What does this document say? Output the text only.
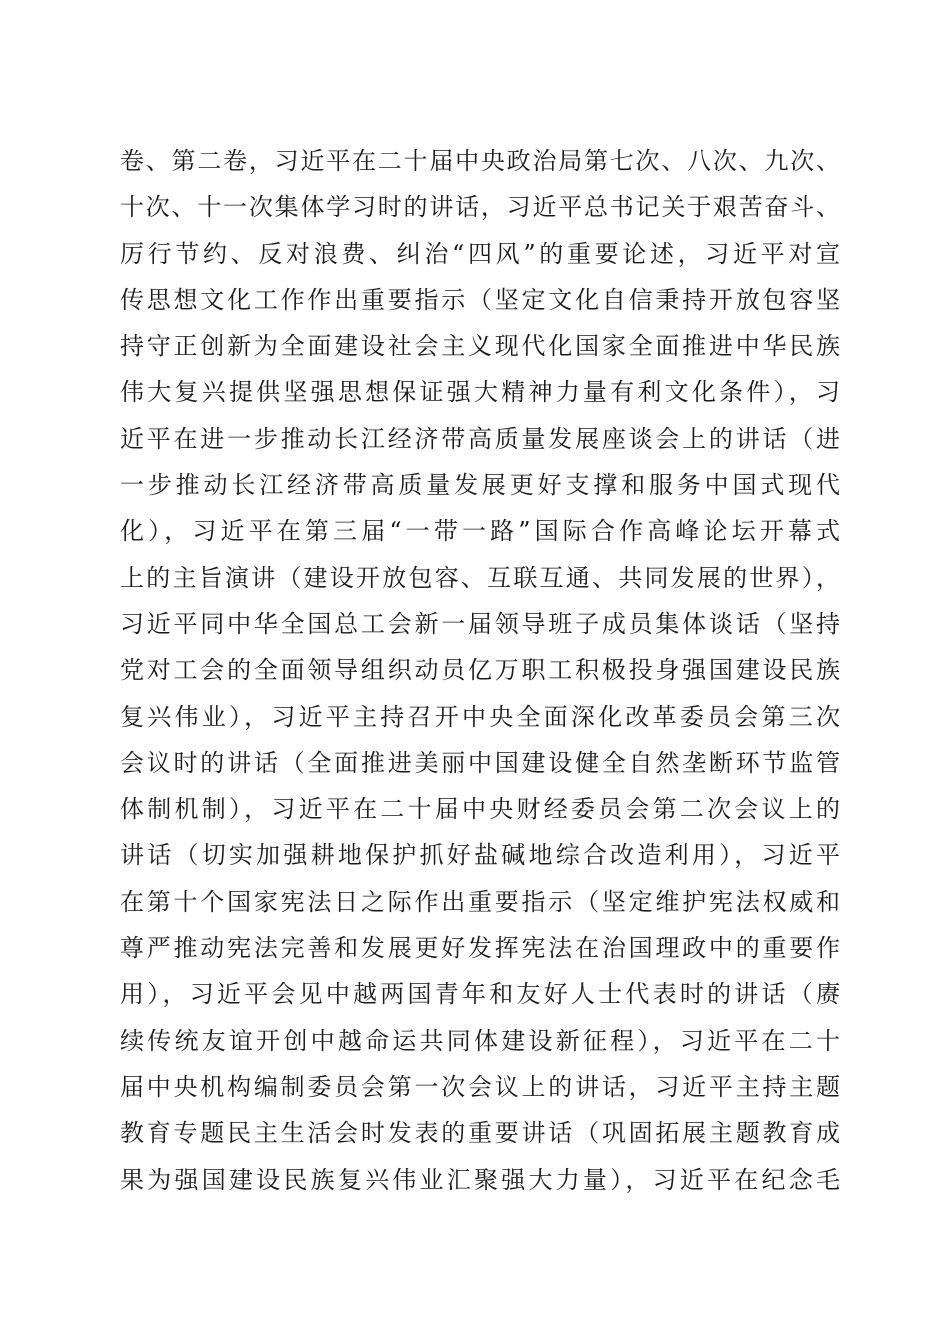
卷、第二卷，习近平在二十届中央政治局第七次、八次、九次、
十次、十一次集体学习时的讲话，习近平总书记关于艰苦奋斗、
厉行节约、反对浪费、纠治“四风”的重要论述，习近平对宣
传思想文化工作作出重要指示（坚定文化自信秉持开放包容坚
持守正创新为全面建设社会主义现代化国家全面推进中华民族
伟大复兴提供坚强思想保证强大精神力量有利文化条件），习
近平在进一步推动长江经济带高质量发展座谈会上的讲话（进
一步推动长江经济带高质量发展更好支撑和服务中国式现代
化），习近平在第三届“一带一路”国际合作高峰论坛开幕式
上的主旨演讲（建设开放包容、互联互通、共同发展的世界），
习近平同中华全国总工会新一届领导班子成员集体谈话（坚持
党对工会的全面领导组织动员亿万职工积极投身强国建设民族
复兴伟业），习近平主持召开中央全面深化改革委员会第三次
会议时的讲话（全面推进美丽中国建设健全自然垄断环节监管
体制机制），习近平在二十届中央财经委员会第二次会议上的
讲话（切实加强耕地保护抓好盐碱地综合改造利用），习近平
在第十个国家宪法日之际作出重要指示（坚定维护宪法权威和
尊严推动宪法完善和发展更好发挥宪法在治国理政中的重要作
用），习近平会见中越两国青年和友好人士代表时的讲话（赓
续传统友谊开创中越命运共同体建设新征程），习近平在二十
届中央机构编制委员会第一次会议上的讲话，习近平主持主题
教育专题民主生活会时发表的重要讲话（巩固拓展主题教育成
果为强国建设民族复兴伟业汇聚强大力量），习近平在纪念毛
